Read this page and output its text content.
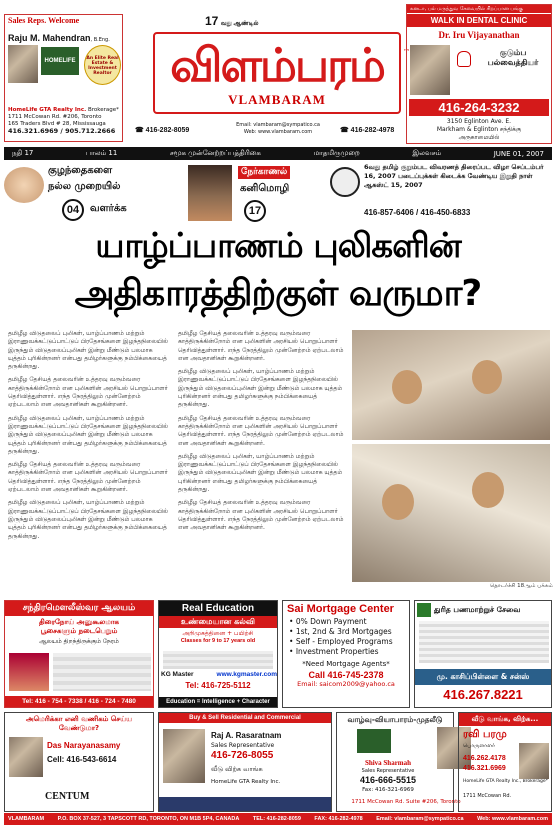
Sales Reps. Welcome
Raju M. Mahendran, B.Eng.
HOMELIFE	An Elite Real Estate & Investment Realtor
HomeLife GTA Realty Inc. Brokerage*
1711 McCowan Rd. #206, Toronto
165 Traders Blvd # 28, Mississauga
416.321.6969 / 905.712.2666
17 வது ஆண்டில்
விளம்பரம்
VLAMBARAM
™
☎ 416-282-8059
Email: vlambaram@sympatico.ca
Web: www.vlambaram.com	☎ 416-282-4978
கனடா, பல் மருத்துவ சேவையில் சிறப்பான பங்கு
WALK IN DENTAL CLINIC
Dr. Iru Vijayanathan
குடும்ப
பல்வைத்தியர்
416-264-3232
3150 Eglinton Ave. E.
Markham & Eglinton சந்திக்கு
அருகாமையில்
நதி 17	பாலம் 11	சமூக முன்னேற்றப்பத்திரிகை	மாதமிருமுறை	இலவசம்	JUNE 01, 2007
குழந்தைகளை
நல்ல முறையில்
04	வளர்க்க
நேர்காணல்
கனிமொழி
17
6வது தமிழ் குறும்பட விவரணத் திரைப்பட விழா செப்டம்பர் 16, 2007 படைப்புக்கள் கிடைக்க வேண்டிய இறுதி நாள் ஆகஸ்ட் 15, 2007
416-857-6406 / 416-450-6833
யாழ்ப்பாணம் புலிகளின்
அதிகாரத்திற்குள் வருமா?

தமிழீழ விடுதலைப் புலிகள், யாழ்ப்பாணம் மற்றும் இராணுவக்கட்டுப்பாட்டுப் பிரதேசங்களை இழந்தநிலையில் இருந்தும் விடுதலைப்புலிகள் இன்று மீண்டும் பலமாக யுத்தம் புரிகின்றனர் என்பது தமிழர்களுக்கு நம்பிக்கையைத் தருகின்றது.

தமிழீழ தேசியத் தலைவரின் உத்தரவு வரும்வரை காத்திருக்கின்றோம் என புலிகளின் அரசியல் பொறுப்பாளர் தெரிவித்துள்ளார். எந்த நேரத்திலும் முன்னேற்றம் ஏற்படலாம் என அவதானிகள் கூறுகின்றனர்.

தமிழீழ விடுதலைப் புலிகள், யாழ்ப்பாணம் மற்றும் இராணுவக்கட்டுப்பாட்டுப் பிரதேசங்களை இழந்தநிலையில் இருந்தும் விடுதலைப்புலிகள் இன்று மீண்டும் பலமாக யுத்தம் புரிகின்றனர் என்பது தமிழர்களுக்கு நம்பிக்கையைத் தருகின்றது.

தமிழீழ தேசியத் தலைவரின் உத்தரவு வரும்வரை காத்திருக்கின்றோம் என புலிகளின் அரசியல் பொறுப்பாளர் தெரிவித்துள்ளார். எந்த நேரத்திலும் முன்னேற்றம் ஏற்படலாம் என அவதானிகள் கூறுகின்றனர்.

தமிழீழ விடுதலைப் புலிகள், யாழ்ப்பாணம் மற்றும் இராணுவக்கட்டுப்பாட்டுப் பிரதேசங்களை இழந்தநிலையில் இருந்தும் விடுதலைப்புலிகள் இன்று மீண்டும் பலமாக யுத்தம் புரிகின்றனர் என்பது தமிழர்களுக்கு நம்பிக்கையைத் தருகின்றது.

தமிழீழ தேசியத் தலைவரின் உத்தரவு வரும்வரை காத்திருக்கின்றோம் என புலிகளின் அரசியல் பொறுப்பாளர் தெரிவித்துள்ளார். எந்த நேரத்திலும் முன்னேற்றம் ஏற்படலாம் என அவதானிகள் கூறுகின்றனர்.

தமிழீழ விடுதலைப் புலிகள், யாழ்ப்பாணம் மற்றும் இராணுவக்கட்டுப்பாட்டுப் பிரதேசங்களை இழந்தநிலையில் இருந்தும் விடுதலைப்புலிகள் இன்று மீண்டும் பலமாக யுத்தம் புரிகின்றனர் என்பது தமிழர்களுக்கு நம்பிக்கையைத் தருகின்றது.

தமிழீழ தேசியத் தலைவரின் உத்தரவு வரும்வரை காத்திருக்கின்றோம் என புலிகளின் அரசியல் பொறுப்பாளர் தெரிவித்துள்ளார். எந்த நேரத்திலும் முன்னேற்றம் ஏற்படலாம் என அவதானிகள் கூறுகின்றனர்.

தமிழீழ விடுதலைப் புலிகள், யாழ்ப்பாணம் மற்றும் இராணுவக்கட்டுப்பாட்டுப் பிரதேசங்களை இழந்தநிலையில் இருந்தும் விடுதலைப்புலிகள் இன்று மீண்டும் பலமாக யுத்தம் புரிகின்றனர் என்பது தமிழர்களுக்கு நம்பிக்கையைத் தருகின்றது.

தமிழீழ தேசியத் தலைவரின் உத்தரவு வரும்வரை காத்திருக்கின்றோம் என புலிகளின் அரசியல் பொறுப்பாளர் தெரிவித்துள்ளார். எந்த நேரத்திலும் முன்னேற்றம் ஏற்படலாம் என அவதானிகள் கூறுகின்றனர்.

தொடர்ச்சி 18ஆம் பக்கம்
சந்திரமௌலீஸ்வர ஆலயம்
திரைநோய் அனுகூலமாக
பூசைகளும் நடைபெறும்
ஆலயம் திறந்திருக்கும் நேரம்
Tel: 416 - 754 - 7338 / 416 - 724 - 7480
Real Education
உண்மையான கல்வி
அறிமுகத்தினை + பயிற்சி
Classes for 9 to 17 years old
KG Master	www.kgmaster.com
Tel: 416-725-5112
Education = Intelligence + Character
Sai Mortgage Center
• 0% Down Payment
• 1st, 2nd & 3rd Mortgages
• Self - Employed Programs
• Investment Properties
*Need Mortgage Agents*
Call 416-745-2378
Email: saicom2009@yahoo.ca
துரித பணமாற்றுச் சேவை
மு. காசிப்பிள்ளை & சன்ஸ்
416.267.8221
அமெரிக்கா எனி வணிகம் செய்ய வேண்டுமா?
Das Narayanasamy
Cell: 416-543-6614
CENTUM
Buy & Sell Residential and Commercial
Raj A. Rasaratnam
Sales Representative
416-726-8055
வீடு விற்க வாங்க
HomeLife GTA Realty Inc.
வாழ்வு-வியாபாரம்-முதலீடு
Shiva Sharmah
Sales Representative
416-666-5515
Fax: 416-321-6969
1711 McCowan Rd. Suite #206, Toronto
வீடு வாங்க, விற்க...
ரவி பரமு
பொருளாளர்
416.262.4178
416.321.6969
HomeLife GTA Realty Inc., Brokerage*
1711 McCowan Rd.
VLAMBARAM P.O. BOX 37-527, 3 TAPSCOTT RD, TORONTO, ON M1B 5P4, CANADA TEL: 416-282-8059 FAX: 416-282-4978 Email: vlambaram@sympatico.ca Web: www.vlambaram.com
